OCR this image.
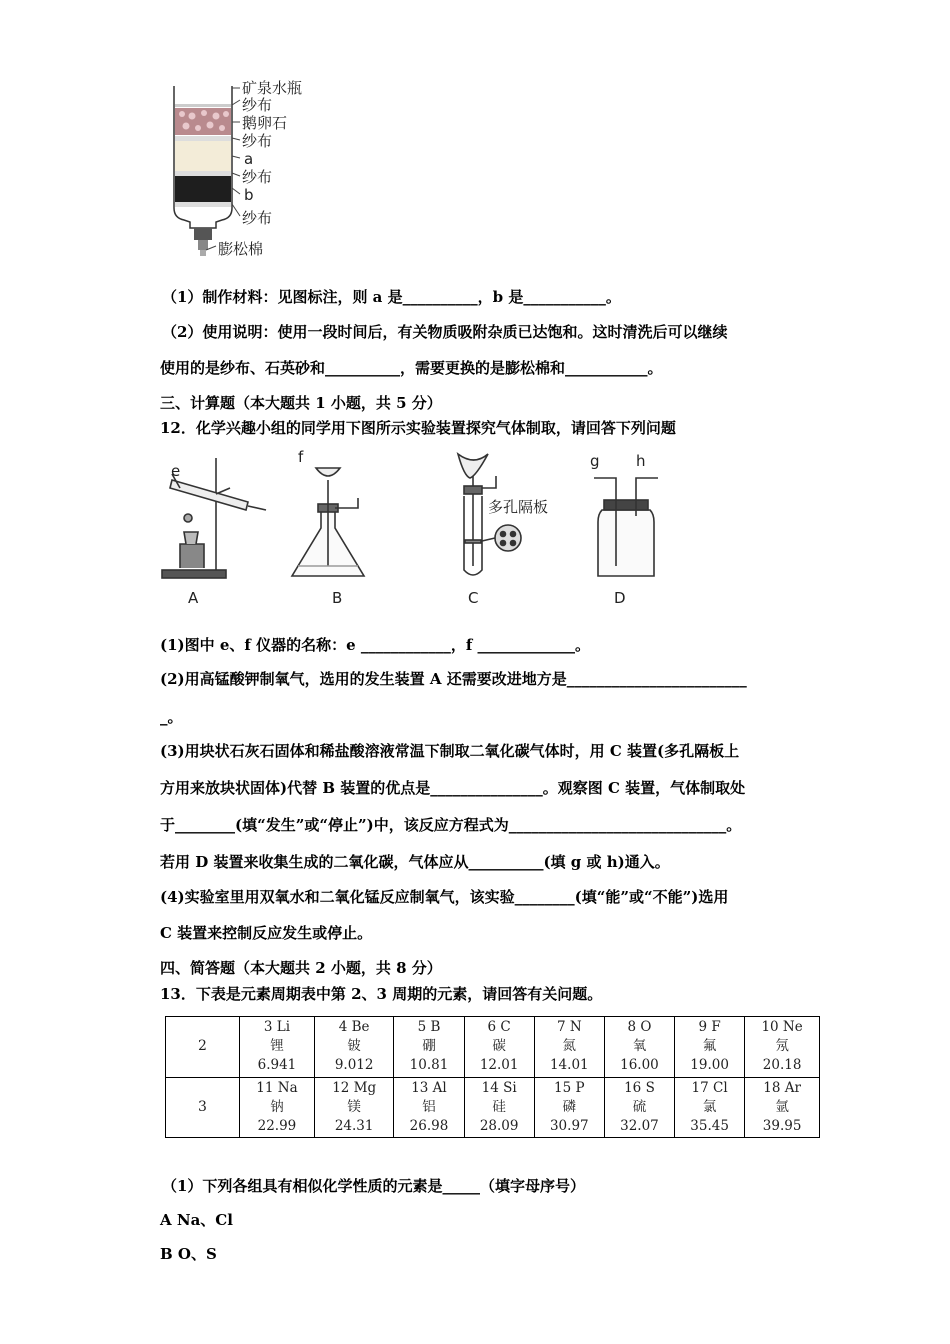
矿泉水瓶
纱布
鹅卵石
纱布
a
纱布
b
纱布
膨松棉
（1）制作材料：见图标注，则 a 是__________，b 是___________。
（2）使用说明：使用一段时间后，有关物质吸附杂质已达饱和。这时清洗后可以继续
使用的是纱布、石英砂和__________，需要更换的是膨松棉和___________。
三、计算题（本大题共 1 小题，共 5 分）
12．化学兴趣小组的同学用下图所示实验装置探究气体制取，请回答下列问题
e
A
f
B
多孔隔板
C
g h
D
(1)图中 e、f 仪器的名称：e ____________，f _____________。
(2)用高锰酸钾制氧气，选用的发生装置 A 还需要改进地方是________________________
_。
(3)用块状石灰石固体和稀盐酸溶液常温下制取二氧化碳气体时，用 C 装置(多孔隔板上
方用来放块状固体)代替 B 装置的优点是_______________。观察图 C 装置，气体制取处
于________(填“发生”或“停止”)中，该反应方程式为_____________________________。
若用 D 装置来收集生成的二氧化碳，气体应从__________(填 g 或 h)通入。
(4)实验室里用双氧水和二氧化锰反应制氧气，该实验________(填“能”或“不能”)选用
C 装置来控制反应发生或停止。
四、简答题（本大题共 2 小题，共 8 分）
13．下表是元素周期表中第 2、3 周期的元素，请回答有关问题。
2	3 Li
锂
6.941	4 Be
铍
9.012	5 B
硼
10.81	6 C
碳
12.01	7 N
氮
14.01	8 O
氧
16.00	9 F
氟
19.00	10 Ne
氖
20.18

3	11 Na
钠
22.99	12 Mg
镁
24.31	13 Al
铝
26.98	14 Si
硅
28.09	15 P
磷
30.97	16 S
硫
32.07	17 Cl
氯
35.45	18 Ar
氩
39.95
（1）下列各组具有相似化学性质的元素是_____（填字母序号）
A Na、Cl
B O、S
